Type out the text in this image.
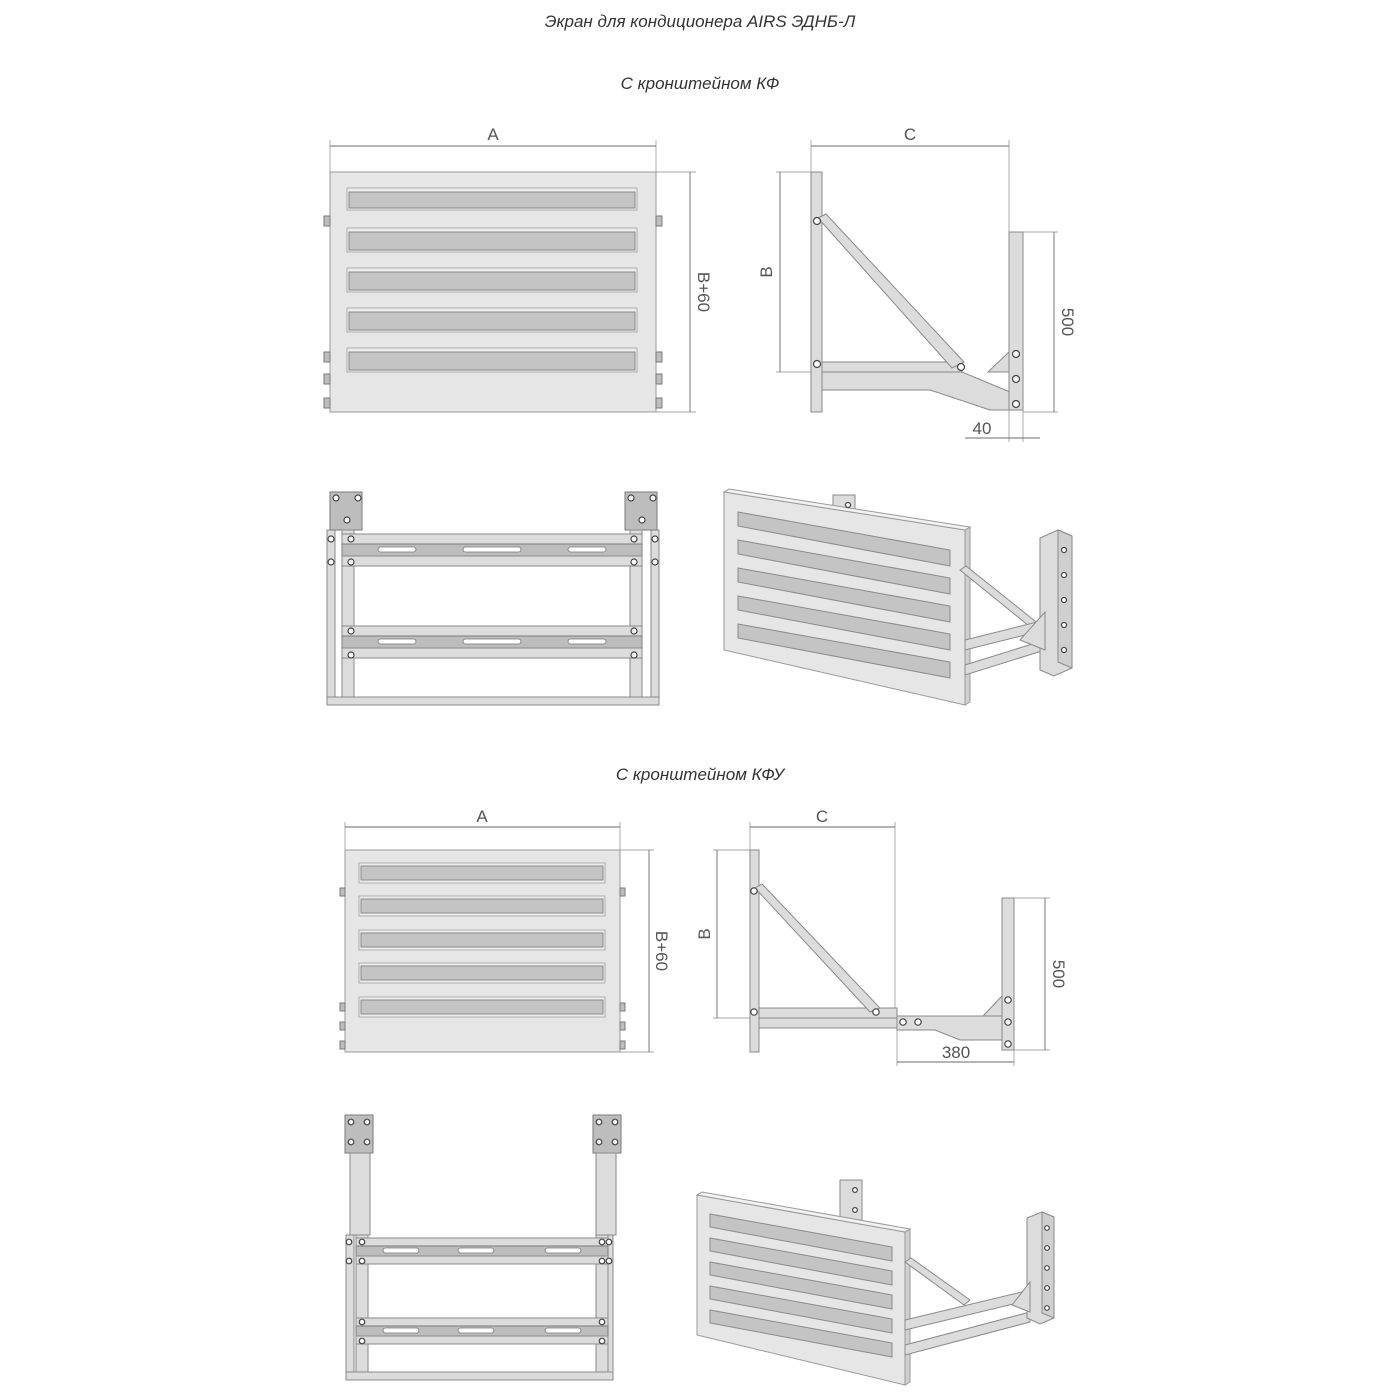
Экран для кондиционера AIRS ЭДНБ-Л
С кронштейном КФ
С кронштейном КФУ
A
B+60
C
B
500
40
A
B+60
C
B
500
380
